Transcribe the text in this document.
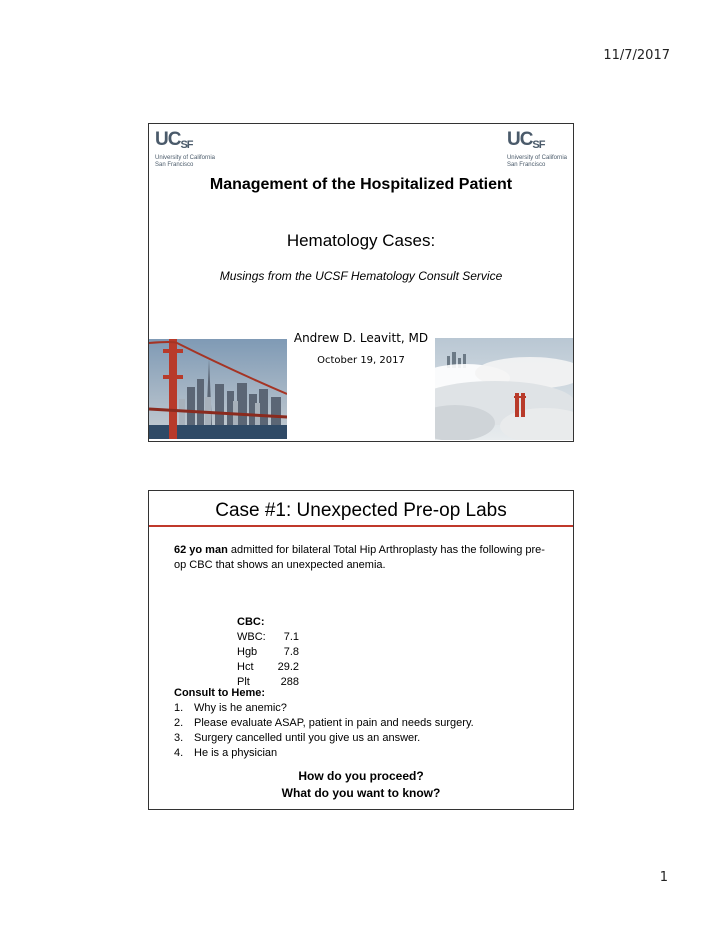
11/7/2017
$UC_{SF}$
University of California
San Francisco
$UC_{SF}$
University of California
San Francisco
Management of the Hospitalized Patient
Hematology Cases:
Musings from the UCSF Hematology Consult Service
Andrew D. Leavitt, MD
October 19, 2017
Case #1: Unexpected Pre-op Labs
62 yo man admitted for bilateral Total Hip Arthroplasty has the following pre-op CBC that shows an unexpected anemia.
CBC:
WBC:	7.1
Hgb	7.8
Hct	29.2
Plt	288
Consult to Heme:
1. Why is he anemic?
2. Please evaluate ASAP, patient in pain and needs surgery.
3. Surgery cancelled until you give us an answer.
4. He is a physician
How do you proceed?
What do you want to know?
1
